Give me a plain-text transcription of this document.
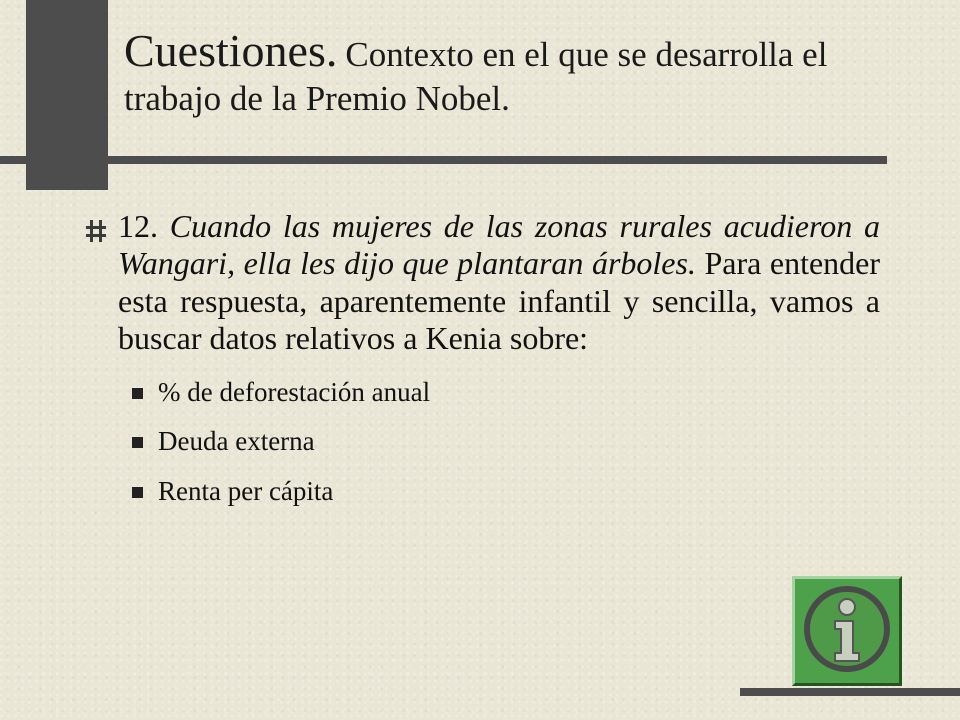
Cuestiones. Contexto en el que se desarrolla el trabajo de la Premio Nobel.
12. Cuando las mujeres de las zonas rurales acudieron a Wangari, ella les dijo que plantaran árboles. Para entender esta respuesta, aparentemente infantil y sencilla, vamos a buscar datos relativos a Kenia sobre:
% de deforestación anual
Deuda externa
Renta per cápita
